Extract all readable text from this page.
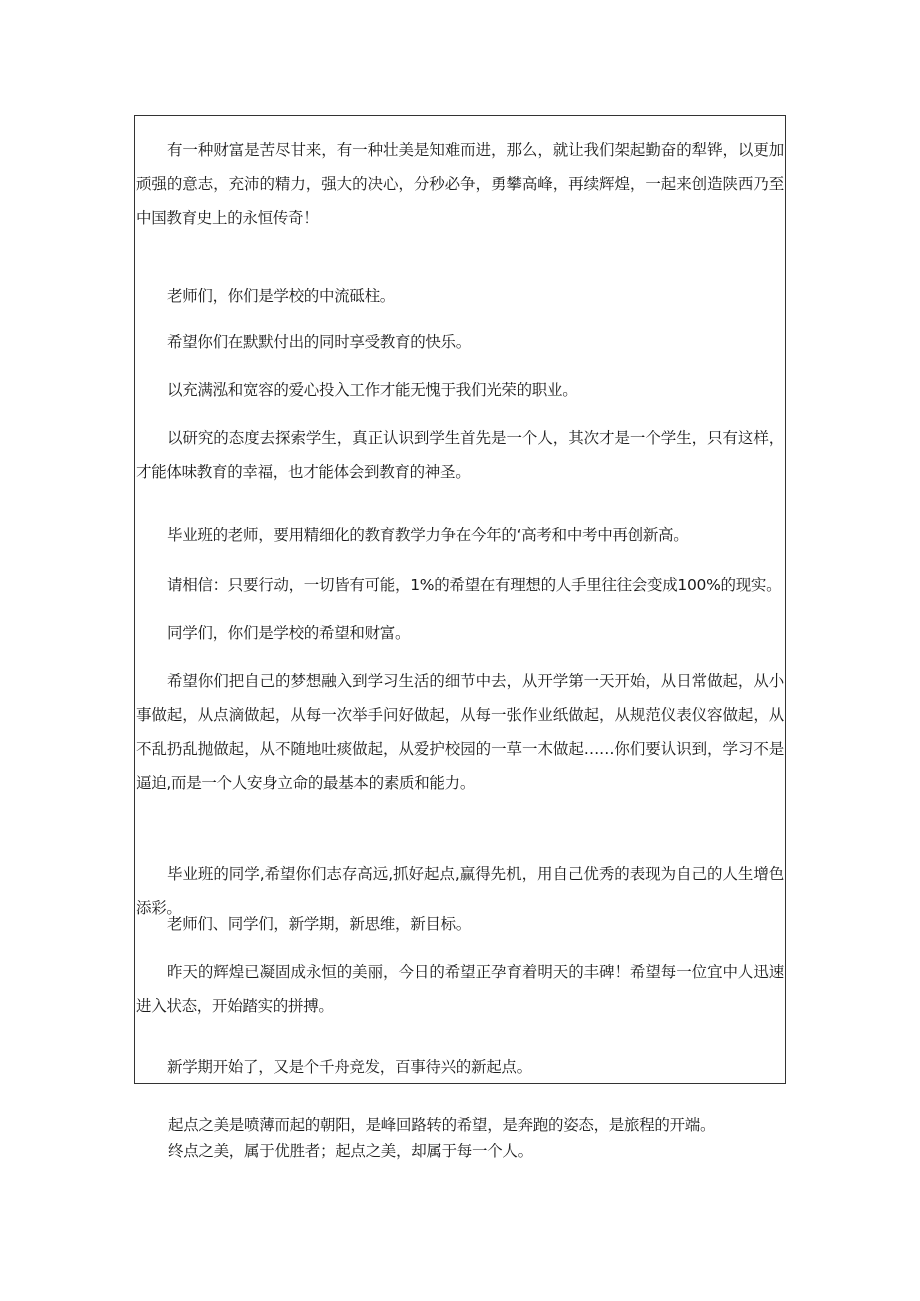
有一种财富是苦尽甘来，有一种壮美是知难而进，那么，就让我们架起勤奋的犁铧，以更加顽强的意志，充沛的精力，强大的决心，分秒必争，勇攀高峰，再续辉煌，一起来创造陕西乃至中国教育史上的永恒传奇！

老师们，你们是学校的中流砥柱。

希望你们在默默付出的同时享受教育的快乐。

以充满泓和宽容的爱心投入工作才能无愧于我们光荣的职业。

以研究的态度去探索学生，真正认识到学生首先是一个人，其次才是一个学生，只有这样，才能体味教育的幸福，也才能体会到教育的神圣。

毕业班的老师，要用精细化的教育教学力争在今年的‘高考和中考中再创新高。

请相信：只要行动，一切皆有可能，1%的希望在有理想的人手里往往会变成100%的现实。

同学们，你们是学校的希望和财富。

希望你们把自己的梦想融入到学习生活的细节中去，从开学第一天开始，从日常做起，从小事做起，从点滴做起，从每一次举手问好做起，从每一张作业纸做起，从规范仪表仪容做起，从不乱扔乱抛做起，从不随地吐痰做起，从爱护校园的一草一木做起……你们要认识到，学习不是逼迫,而是一个人安身立命的最基本的素质和能力。

毕业班的同学,希望你们志存高远,抓好起点,赢得先机，用自己优秀的表现为自己的人生增色添彩。

老师们、同学们，新学期，新思维，新目标。

昨天的辉煌已凝固成永恒的美丽，今日的希望正孕育着明天的丰碑！希望每一位宜中人迅速进入状态，开始踏实的拼搏。

新学期开始了，又是个千舟竞发，百事待兴的新起点。

起点之美是喷薄而起的朝阳，是峰回路转的希望，是奔跑的姿态，是旅程的开端。

终点之美，属于优胜者；起点之美，却属于每一个人。
